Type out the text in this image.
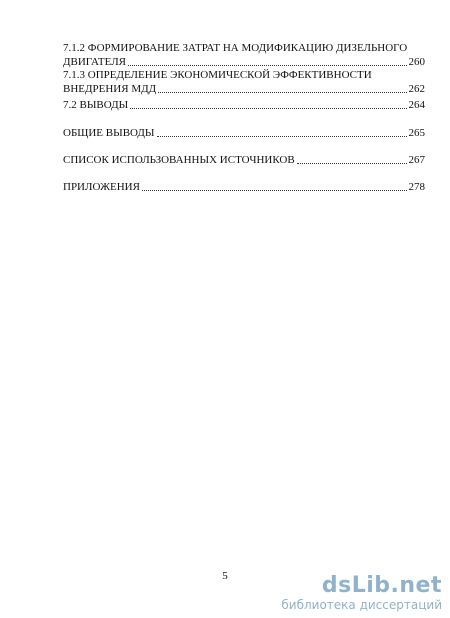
7.1.2 ФОРМИРОВАНИЕ ЗАТРАТ НА МОДИФИКАЦИЮ ДИЗЕЛЬНОГО
ДВИГАТЕЛЯ	260
7.1.3 ОПРЕДЕЛЕНИЕ ЭКОНОМИЧЕСКОЙ ЭФФЕКТИВНОСТИ
ВНЕДРЕНИЯ МДД	262
7.2 ВЫВОДЫ	264
ОБЩИЕ ВЫВОДЫ	265
СПИСОК ИСПОЛЬЗОВАННЫХ ИСТОЧНИКОВ	267
ПРИЛОЖЕНИЯ	278
5	dsLib.net
библиотека диссертаций
